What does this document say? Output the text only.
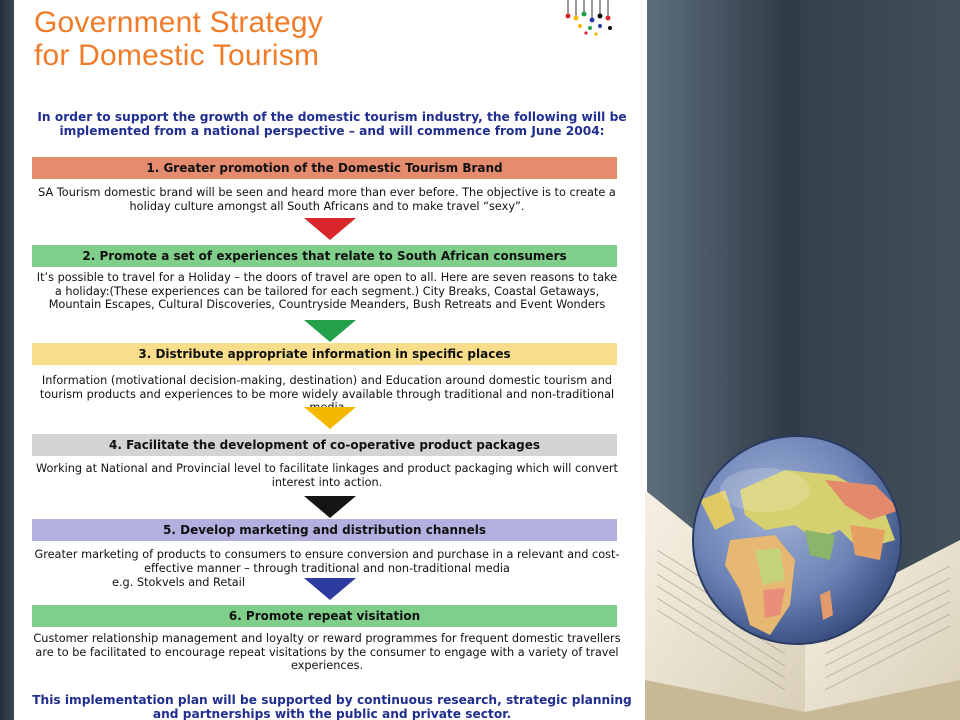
Government Strategy
for Domestic Tourism
In order to support the growth of the domestic tourism industry, the following will be implemented from a national perspective – and will commence from June 2004:
1. Greater promotion of the Domestic Tourism Brand
SA Tourism domestic brand will be seen and heard more than ever before. The objective is to create a holiday culture amongst all South Africans and to make travel “sexy”.
2. Promote a set of experiences that relate to South African consumers
It’s possible to travel for a Holiday – the doors of travel are open to all. Here are seven reasons to take a holiday:(These experiences can be tailored for each segment.) City Breaks, Coastal Getaways, Mountain Escapes, Cultural Discoveries, Countryside Meanders, Bush Retreats and Event Wonders
3. Distribute appropriate information in specific places
Information (motivational decision-making, destination) and Education around domestic tourism and tourism products and experiences to be more widely available through traditional and non-traditional
4. Facilitate the development of co-operative product packages
Working at National and Provincial level to facilitate linkages and product packaging which will convert interest into action.
5. Develop marketing and distribution channels
Greater marketing of products to consumers to ensure conversion and purchase in a relevant and cost-effective manner – through traditional and non-traditional media
e.g. Stokvels and Retail
6. Promote repeat visitation
Customer relationship management and loyalty or reward programmes for frequent domestic travellers are to be facilitated to encourage repeat visitations by the consumer to engage with a variety of travel experiences.
This implementation plan will be supported by continuous research, strategic planning and partnerships with the public and private sector.
